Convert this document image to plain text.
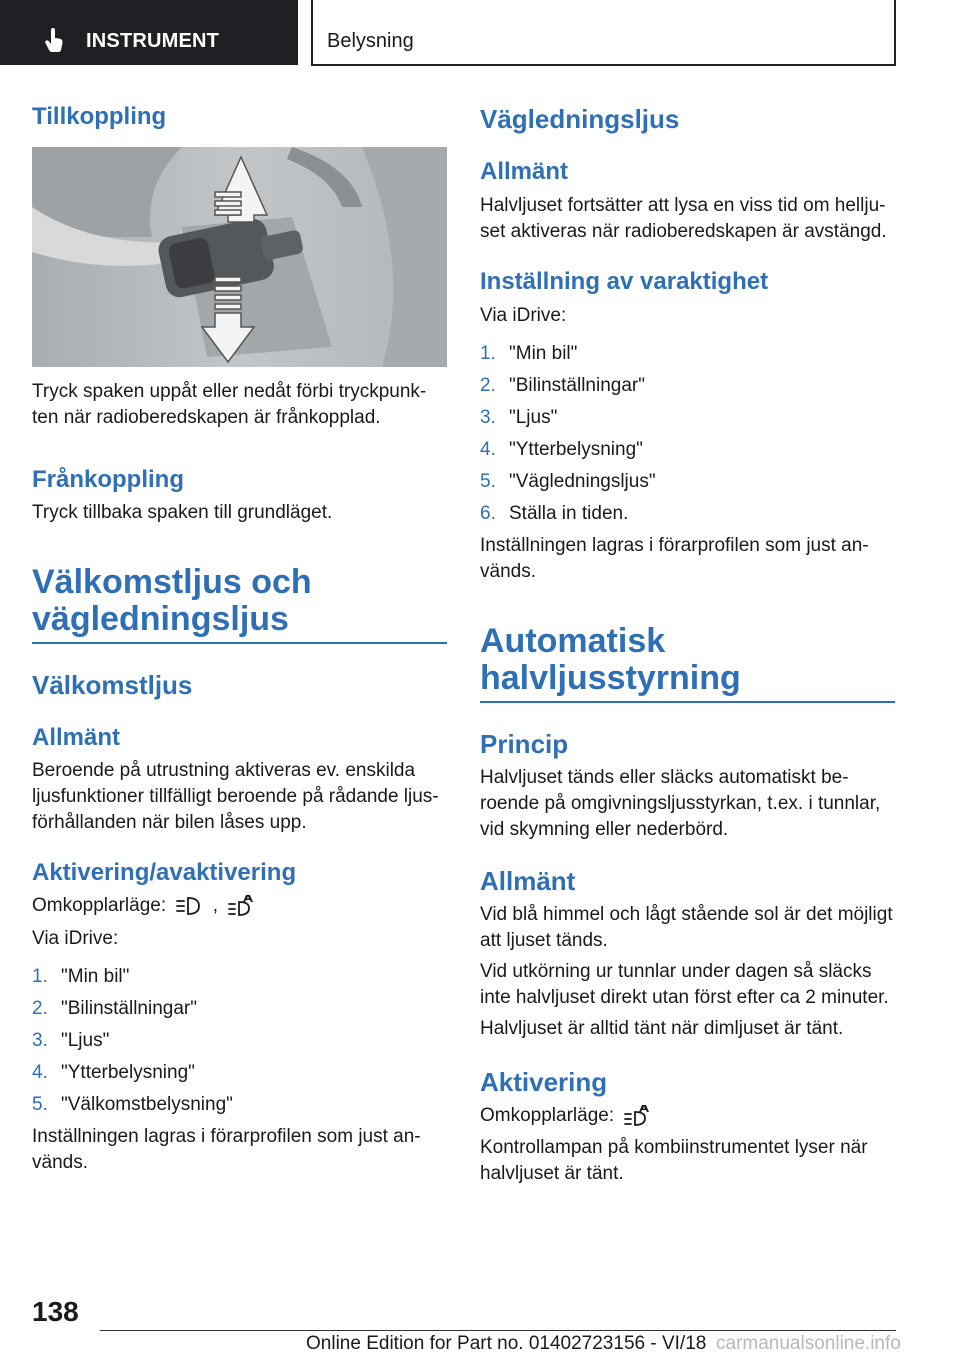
INSTRUMENT	Belysning
Tillkoppling
Tryck spaken uppåt eller nedåt förbi tryckpunk-ten när radioberedskapen är frånkopplad.
Frånkoppling
Tryck tillbaka spaken till grundläget.
Välkomstljus och
vägledningsljus
Välkomstljus
Allmänt
Beroende på utrustning aktiveras ev. enskilda ljusfunktioner tillfälligt beroende på rådande ljus-förhållanden när bilen låses upp.
Aktivering/avaktivering
Omkopplarläge: ,
Via iDrive:
1. "Min bil"
2. "Bilinställningar"
3. "Ljus"
4. "Ytterbelysning"
5. "Välkomstbelysning"
Inställningen lagras i förarprofilen som just an-vänds.
Vägledningsljus
Allmänt
Halvljuset fortsätter att lysa en viss tid om hellju-set aktiveras när radioberedskapen är avstängd.
Inställning av varaktighet
Via iDrive:
1. "Min bil"
2. "Bilinställningar"
3. "Ljus"
4. "Ytterbelysning"
5. "Vägledningsljus"
6. Ställa in tiden.
Inställningen lagras i förarprofilen som just an-vänds.
Automatisk
halvljusstyrning
Princip
Halvljuset tänds eller släcks automatiskt be-roende på omgivningsljusstyrkan, t.ex. i tunnlar, vid skymning eller nederbörd.
Allmänt
Vid blå himmel och lågt stående sol är det möjligt att ljuset tänds.
Vid utkörning ur tunnlar under dagen så släcks inte halvljuset direkt utan först efter ca 2 minuter.
Halvljuset är alltid tänt när dimljuset är tänt.
Aktivering
Omkopplarläge:
Kontrollampan på kombiinstrumentet lyser när halvljuset är tänt.
138
Online Edition for Part no. 01402723156 - VI/18 carmanualsonline.info
